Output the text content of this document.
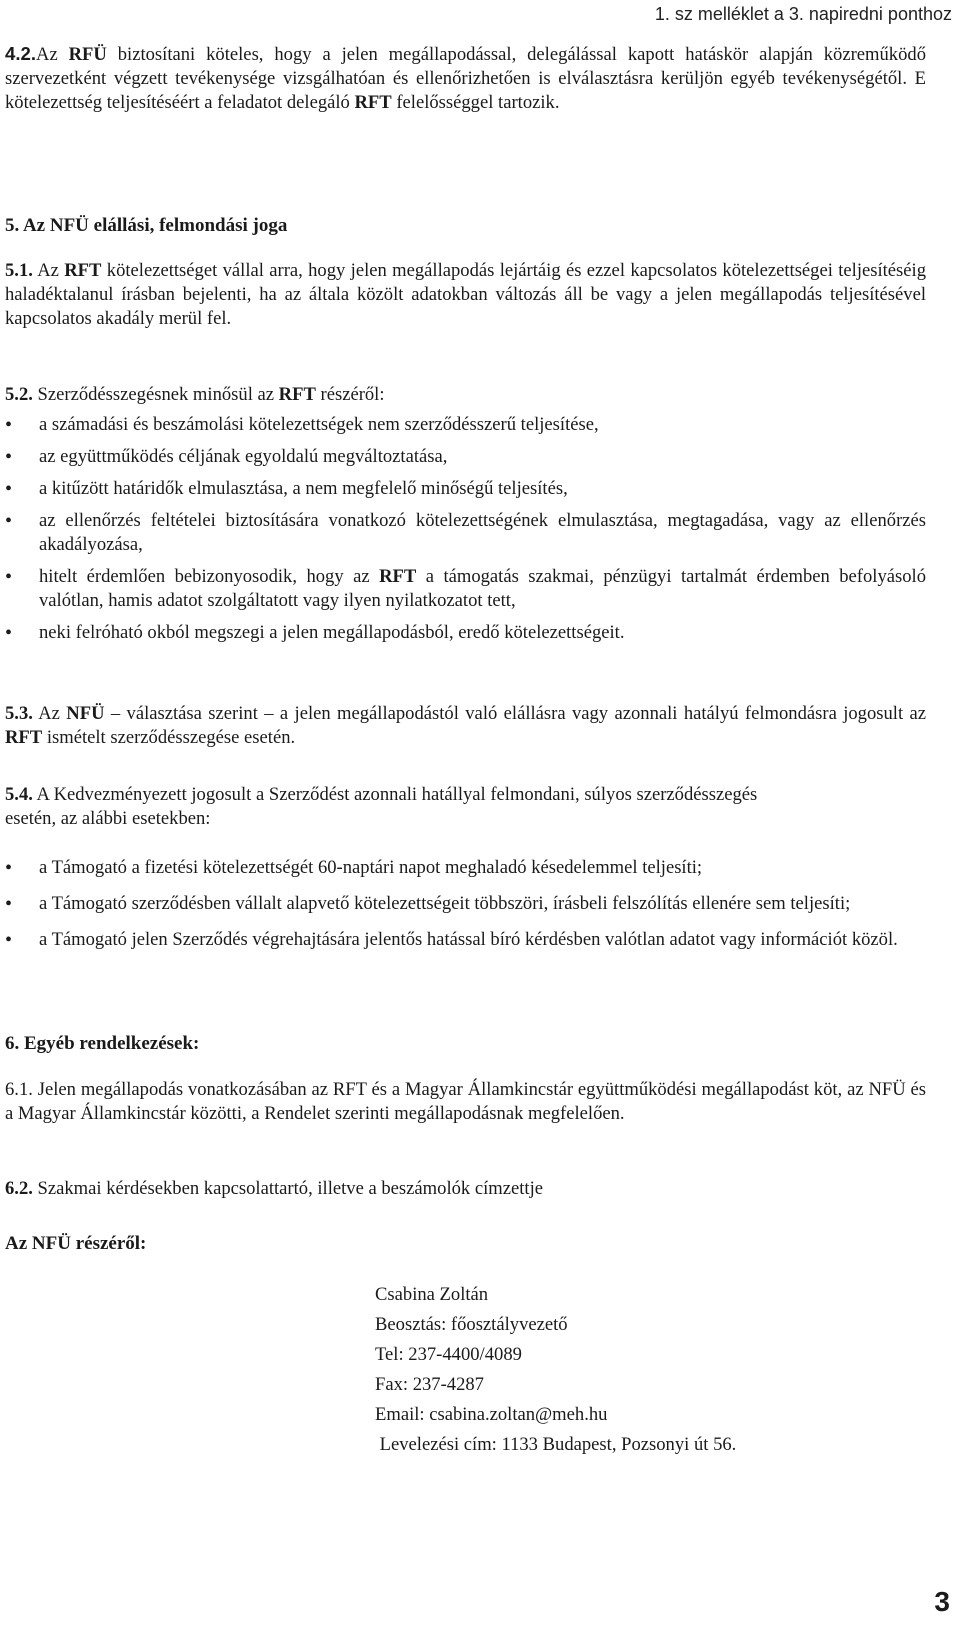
1. sz melléklet a 3. napiredni ponthoz

4.2.Az RFÜ biztosítani köteles, hogy a jelen megállapodással, delegálással kapott hatáskör alapján közreműködő szervezetként végzett tevékenysége vizsgálhatóan és ellenőrizhetően is elválasztásra kerüljön egyéb tevékenységétől. E kötelezettség teljesítéséért a feladatot delegáló RFT felelősséggel tartozik.

5. Az NFÜ elállási, felmondási joga

5.1. Az RFT kötelezettséget vállal arra, hogy jelen megállapodás lejártáig és ezzel kapcsolatos kötelezettségei teljesítéséig haladéktalanul írásban bejelenti, ha az általa közölt adatokban változás áll be vagy a jelen megállapodás teljesítésével kapcsolatos akadály merül fel.

5.2. Szerződésszegésnek minősül az RFT részéről:

• a számadási és beszámolási kötelezettségek nem szerződésszerű teljesítése,
• az együttműködés céljának egyoldalú megváltoztatása,
• a kitűzött határidők elmulasztása, a nem megfelelő minőségű teljesítés,
• az ellenőrzés feltételei biztosítására vonatkozó kötelezettségének elmulasztása, megtagadása, vagy az ellenőrzés akadályozása,
• hitelt érdemlően bebizonyosodik, hogy az RFT a támogatás szakmai, pénzügyi tartalmát érdemben befolyásoló valótlan, hamis adatot szolgáltatott vagy ilyen nyilatkozatot tett,
• neki felróható okból megszegi a jelen megállapodásból, eredő kötelezettségeit.

5.3. Az NFÜ – választása szerint – a jelen megállapodástól való elállásra vagy azonnali hatályú felmondásra jogosult az RFT ismételt szerződésszegése esetén.

5.4. A Kedvezményezett jogosult a Szerződést azonnali hatállyal felmondani, súlyos szerződésszegés esetén, az alábbi esetekben:

• a Támogató a fizetési kötelezettségét 60-naptári napot meghaladó késedelemmel teljesíti;
• a Támogató szerződésben vállalt alapvető kötelezettségeit többszöri, írásbeli felszólítás ellenére sem teljesíti;
• a Támogató jelen Szerződés végrehajtására jelentős hatással bíró kérdésben valótlan adatot vagy információt közöl.

6. Egyéb rendelkezések:

6.1. Jelen megállapodás vonatkozásában az RFT és a Magyar Államkincstár együttműködési megállapodást köt, az NFÜ és a Magyar Államkincstár közötti, a Rendelet szerinti megállapodásnak megfelelően.

6.2. Szakmai kérdésekben kapcsolattartó, illetve a beszámolók címzettje

Az NFÜ részéről:

Csabina Zoltán
Beosztás: főosztályvezető
Tel: 237-4400/4089
Fax: 237-4287
Email: csabina.zoltan@meh.hu
Levelezési cím: 1133 Budapest, Pozsonyi út 56.
3
